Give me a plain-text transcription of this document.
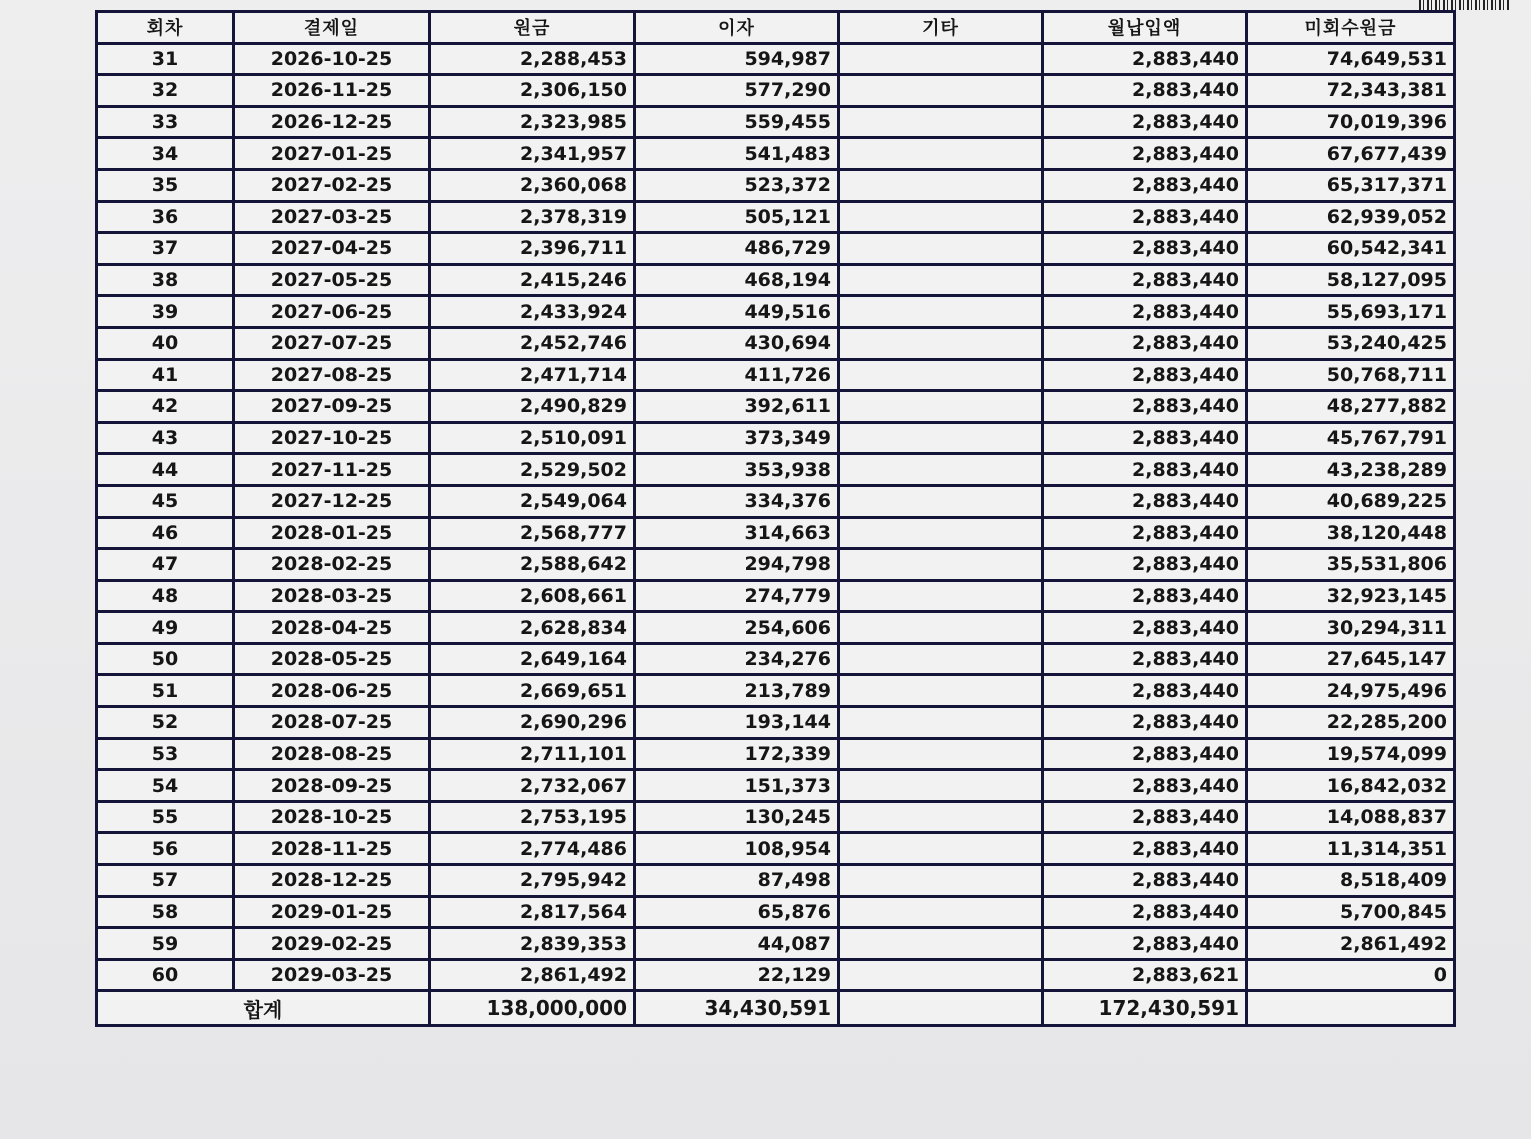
회차	결제일	원금	이자	기타	월납입액	미회수원금
31	2026-10-25	2,288,453	594,987		2,883,440	74,649,531
32	2026-11-25	2,306,150	577,290		2,883,440	72,343,381
33	2026-12-25	2,323,985	559,455		2,883,440	70,019,396
34	2027-01-25	2,341,957	541,483		2,883,440	67,677,439
35	2027-02-25	2,360,068	523,372		2,883,440	65,317,371
36	2027-03-25	2,378,319	505,121		2,883,440	62,939,052
37	2027-04-25	2,396,711	486,729		2,883,440	60,542,341
38	2027-05-25	2,415,246	468,194		2,883,440	58,127,095
39	2027-06-25	2,433,924	449,516		2,883,440	55,693,171
40	2027-07-25	2,452,746	430,694		2,883,440	53,240,425
41	2027-08-25	2,471,714	411,726		2,883,440	50,768,711
42	2027-09-25	2,490,829	392,611		2,883,440	48,277,882
43	2027-10-25	2,510,091	373,349		2,883,440	45,767,791
44	2027-11-25	2,529,502	353,938		2,883,440	43,238,289
45	2027-12-25	2,549,064	334,376		2,883,440	40,689,225
46	2028-01-25	2,568,777	314,663		2,883,440	38,120,448
47	2028-02-25	2,588,642	294,798		2,883,440	35,531,806
48	2028-03-25	2,608,661	274,779		2,883,440	32,923,145
49	2028-04-25	2,628,834	254,606		2,883,440	30,294,311
50	2028-05-25	2,649,164	234,276		2,883,440	27,645,147
51	2028-06-25	2,669,651	213,789		2,883,440	24,975,496
52	2028-07-25	2,690,296	193,144		2,883,440	22,285,200
53	2028-08-25	2,711,101	172,339		2,883,440	19,574,099
54	2028-09-25	2,732,067	151,373		2,883,440	16,842,032
55	2028-10-25	2,753,195	130,245		2,883,440	14,088,837
56	2028-11-25	2,774,486	108,954		2,883,440	11,314,351
57	2028-12-25	2,795,942	87,498		2,883,440	8,518,409
58	2029-01-25	2,817,564	65,876		2,883,440	5,700,845
59	2029-02-25	2,839,353	44,087		2,883,440	2,861,492
60	2029-03-25	2,861,492	22,129		2,883,621	0
합계		138,000,000	34,430,591		172,430,591	
